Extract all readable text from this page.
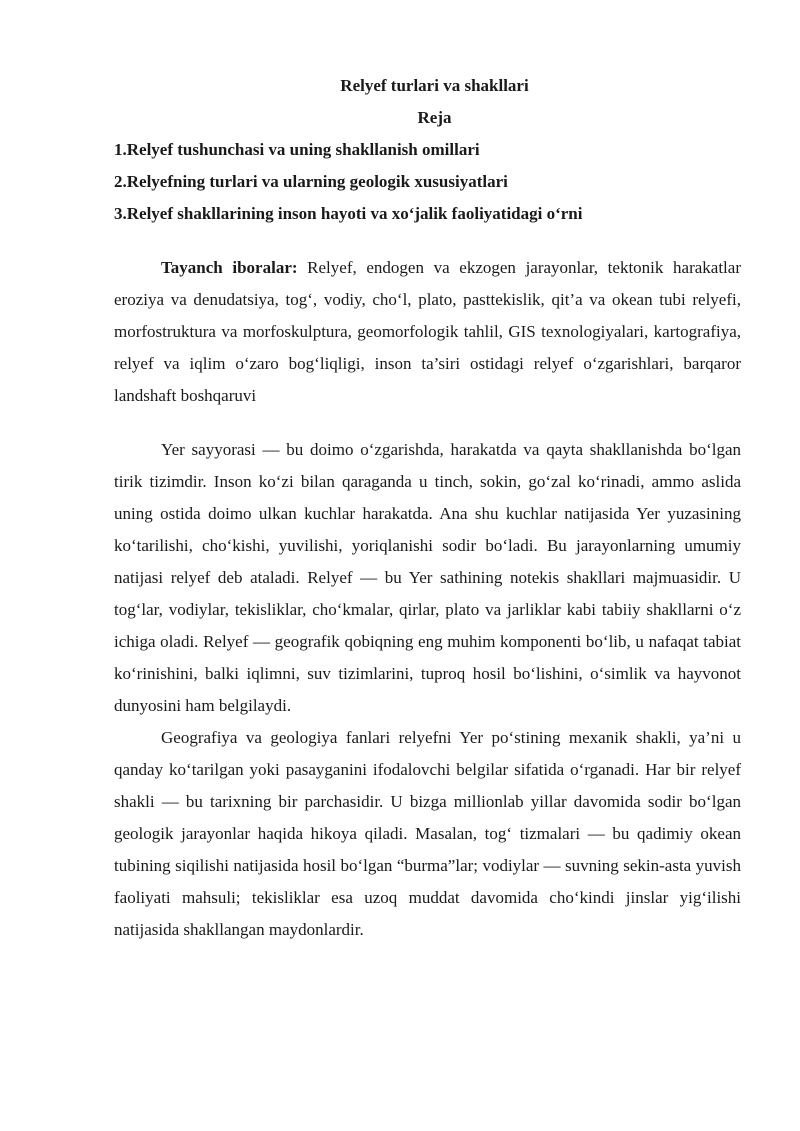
Relyef turlari va shakllari

Reja

1.Relyef tushunchasi va uning shakllanish omillari

2.Relyefning turlari va ularning geologik xususiyatlari

3.Relyef shakllarining inson hayoti va xo‘jalik faoliyatidagi o‘rni

Tayanch iboralar: Relyef, endogen va ekzogen jarayonlar, tektonik harakatlar eroziya va denudatsiya, tog‘, vodiy, cho‘l, plato, pasttekislik, qit’a va okean tubi relyefi, morfostruktura va morfoskulptura, geomorfologik tahlil, GIS texnologiyalari, kartografiya, relyef va iqlim o‘zaro bog‘liqligi, inson ta’siri ostidagi relyef o‘zgarishlari, barqaror landshaft boshqaruvi

Yer sayyorasi — bu doimo o‘zgarishda, harakatda va qayta shakllanishda bo‘lgan tirik tizimdir. Inson ko‘zi bilan qaraganda u tinch, sokin, go‘zal ko‘rinadi, ammo aslida uning ostida doimo ulkan kuchlar harakatda. Ana shu kuchlar natijasida Yer yuzasining ko‘tarilishi, cho‘kishi, yuvilishi, yoriqlanishi sodir bo‘ladi. Bu jarayonlarning umumiy natijasi relyef deb ataladi. Relyef — bu Yer sathining notekis shakllari majmuasidir. U tog‘lar, vodiylar, tekisliklar, cho‘kmalar, qirlar, plato va jarliklar kabi tabiiy shakllarni o‘z ichiga oladi. Relyef — geografik qobiqning eng muhim komponenti bo‘lib, u nafaqat tabiat ko‘rinishini, balki iqlimni, suv tizimlarini, tuproq hosil bo‘lishini, o‘simlik va hayvonot dunyosini ham belgilaydi.

Geografiya va geologiya fanlari relyefni Yer po‘stining mexanik shakli, ya’ni u qanday ko‘tarilgan yoki pasayganini ifodalovchi belgilar sifatida o‘rganadi. Har bir relyef shakli — bu tarixning bir parchasidir. U bizga millionlab yillar davomida sodir bo‘lgan geologik jarayonlar haqida hikoya qiladi. Masalan, tog‘ tizmalari — bu qadimiy okean tubining siqilishi natijasida hosil bo‘lgan “burma”lar; vodiylar — suvning sekin-asta yuvish faoliyati mahsuli; tekisliklar esa uzoq muddat davomida cho‘kindi jinslar yig‘ilishi natijasida shakllangan maydonlardir.
